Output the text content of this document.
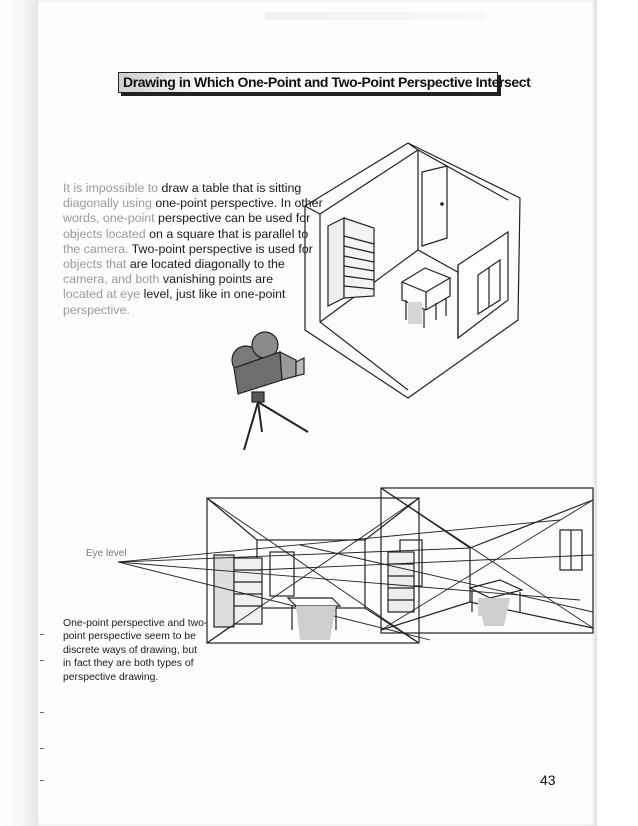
Drawing in Which One-Point and Two-Point Perspective Intersect
It is impossible to draw a table that is sitting
diagonally using one-point perspective. In other
words, one-point perspective can be used for
objects located on a square that is parallel to
the camera. Two-point perspective is used for
objects that are located diagonally to the
camera, and both vanishing points are
located at eye level, just like in one-point
perspective.
Eye level
One-point perspective and two-
point perspective seem to be
discrete ways of drawing, but
in fact they are both types of
perspective drawing.
43
